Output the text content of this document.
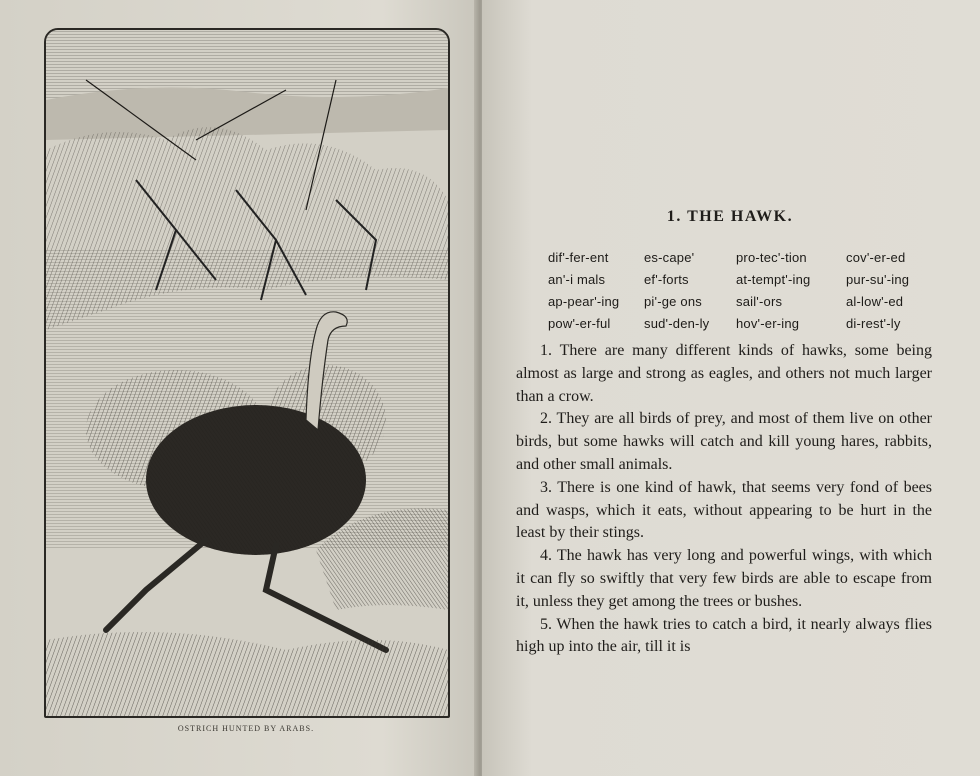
OSTRICH HUNTED BY ARABS.
1. THE HAWK.
dif'-fer-ent	es-cape'	pro-tec'-tion	cov'-er-ed
an'-i mals	ef'-forts	at-tempt'-ing	pur-su'-ing
ap-pear'-ing	pi'-ge ons	sail'-ors	al-low'-ed
pow'-er-ful	sud'-den-ly	hov'-er-ing	di-rest'-ly

1. There are many different kinds of hawks, some being almost as large and strong as eagles, and others not much larger than a crow.

2. They are all birds of prey, and most of them live on other birds, but some hawks will catch and kill young hares, rabbits, and other small animals.

3. There is one kind of hawk, that seems very fond of bees and wasps, which it eats, without appearing to be hurt in the least by their stings.

4. The hawk has very long and powerful wings, with which it can fly so swiftly that very few birds are able to escape from it, unless they get among the trees or bushes.

5. When the hawk tries to catch a bird, it nearly always flies high up into the air, till it is
